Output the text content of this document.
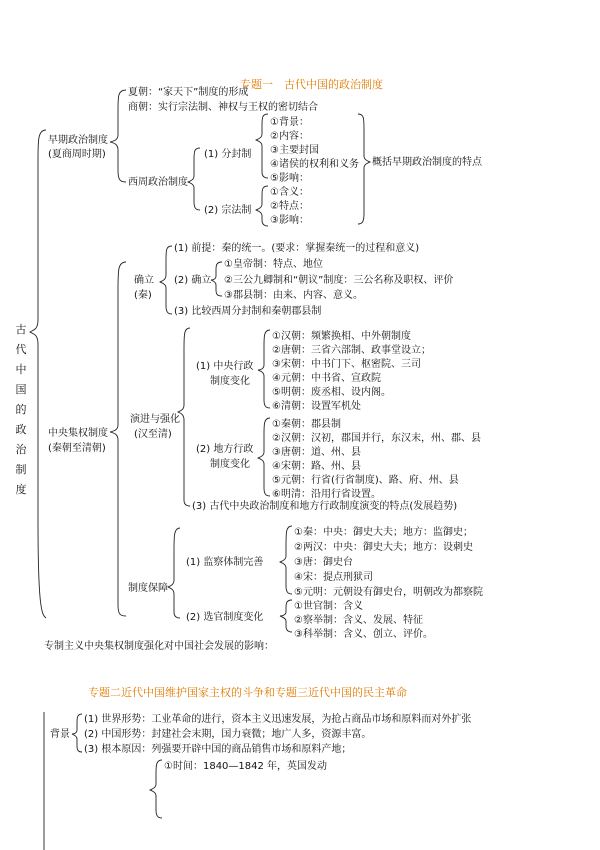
专题一　古代中国的政治制度
古代中国的政治制度
早期政治制度
(夏商周时期)
夏朝：“家天下”制度的形成
商朝：实行宗法制、神权与王权的密切结合
西周政治制度
(1) 分封制
①背景：
②内容：
③主要封国
④诸侯的权利和义务
⑤影响：
(2) 宗法制
①含义：
②特点：
③影响：
概括早期政治制度的特点
中央集权制度
(秦朝至清朝)
确立
(秦)
(1) 前提：秦的统一。(要求：掌握秦统一的过程和意义)
(2) 确立
①皇帝制：特点、地位
②三公九卿制和“朝议”制度：三公名称及职权、评价
③郡县制：由来、内容、意义。
(3) 比较西周分封制和秦朝郡县制
演进与强化
(汉至清)
(1) 中央行政
制度变化
①汉朝：频繁换相、中外朝制度
②唐朝：三省六部制、政事堂设立；
③宋朝：中书门下、枢密院、三司
④元朝：中书省、宣政院
⑤明朝：废丞相、设内阁。
⑥清朝：设置军机处
(2) 地方行政
制度变化
①秦朝：郡县制
②汉朝：汉初，郡国并行，东汉末，州、郡、县
③唐朝：道、州、县
④宋朝：路、州、县
⑤元朝：行省(行省制度)、路、府、州、县
⑥明清：沿用行省设置。
(3) 古代中央政治制度和地方行政制度演变的特点(发展趋势)
制度保障
(1) 监察体制完善
①秦：中央：御史大夫；地方：监御史；
②两汉：中央：御史大夫；地方：设刺史
③唐：御史台
④宋：提点刑狱司
⑤元明：元朝设有御史台，明朝改为都察院
(2) 选官制度变化
①世官制：含义
②察举制：含义、发展、特征
③科举制：含义、创立、评价。
专制主义中央集权制度强化对中国社会发展的影响：
专题二近代中国维护国家主权的斗争和专题三近代中国的民主革命
背景
(1) 世界形势：工业革命的进行，资本主义迅速发展，为抢占商品市场和原料而对外扩张
(2) 中国形势：封建社会末期，国力衰微；地广人多，资源丰富。
(3) 根本原因：列强要开辟中国的商品销售市场和原料产地；
①时间：1840—1842 年，英国发动
